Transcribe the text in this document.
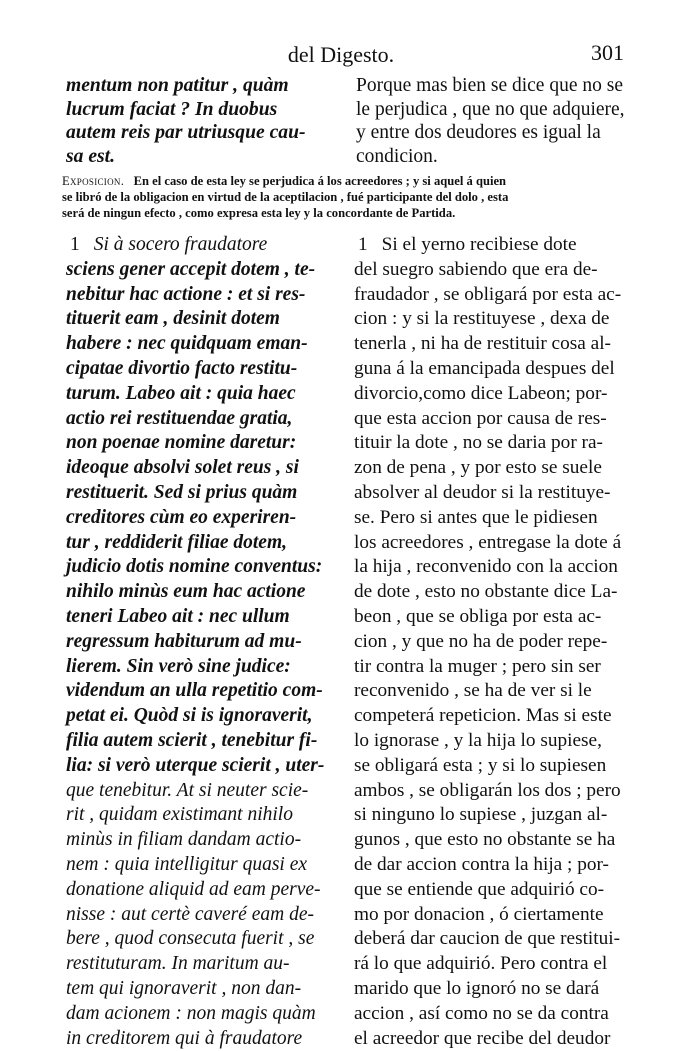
del Digesto.	301
mentum non patitur , quàm
lucrum faciat ? In duobus
autem reis par utriusque cau-
sa est.
Porque mas bien se dice que no se
le perjudica , que no que adquiere,
y entre dos deudores es igual la
condicion.
Exposicion. En el caso de esta ley se perjudica á los acreedores ; y si aquel á quien
se libró de la obligacion en virtud de la aceptilacion , fué participante del dolo , esta
será de ningun efecto , como expresa esta ley y la concordante de Partida.
1 Si à socero fraudatore
sciens gener accepit dotem , te-
nebitur hac actione : et si res-
tituerit eam , desinit dotem
habere : nec quidquam eman-
cipatae divortio facto restitu-
turum. Labeo ait : quia haec
actio rei restituendae gratia,
non poenae nomine daretur:
ideoque absolvi solet reus , si
restituerit. Sed si prius quàm
creditores cùm eo experiren-
tur , reddiderit filiae dotem,
judicio dotis nomine conventus:
nihilo minùs eum hac actione
teneri Labeo ait : nec ullum
regressum habiturum ad mu-
lierem. Sin verò sine judice:
videndum an ulla repetitio com-
petat ei. Quòd si is ignoraverit,
filia autem scierit , tenebitur fi-
lia: si verò uterque scierit , uter-
que tenebitur. At si neuter scie-
rit , quidam existimant nihilo
minùs in filiam dandam actio-
nem : quia intelligitur quasi ex
donatione aliquid ad eam perve-
nisse : aut certè caveré eam de-
bere , quod consecuta fuerit , se
restituturam. In maritum au-
tem qui ignoraverit , non dan-
dam acionem : non magis quàm
in creditorem qui à fraudatore
1 Si el yerno recibiese dote
del suegro sabiendo que era de-
fraudador , se obligará por esta ac-
cion : y si la restituyese , dexa de
tenerla , ni ha de restituir cosa al-
guna á la emancipada despues del
divorcio,como dice Labeon; por-
que esta accion por causa de res-
tituir la dote , no se daria por ra-
zon de pena , y por esto se suele
absolver al deudor si la restituye-
se. Pero si antes que le pidiesen
los acreedores , entregase la dote á
la hija , reconvenido con la accion
de dote , esto no obstante dice La-
beon , que se obliga por esta ac-
cion , y que no ha de poder repe-
tir contra la muger ; pero sin ser
reconvenido , se ha de ver si le
competerá repeticion. Mas si este
lo ignorase , y la hija lo supiese,
se obligará esta ; y si lo supiesen
ambos , se obligarán los dos ; pero
si ninguno lo supiese , juzgan al-
gunos , que esto no obstante se ha
de dar accion contra la hija ; por-
que se entiende que adquirió co-
mo por donacion , ó ciertamente
deberá dar caucion de que restitui-
rá lo que adquirió. Pero contra el
marido que lo ignoró no se dará
accion , así como no se da contra
el acreedor que recibe del deudor
